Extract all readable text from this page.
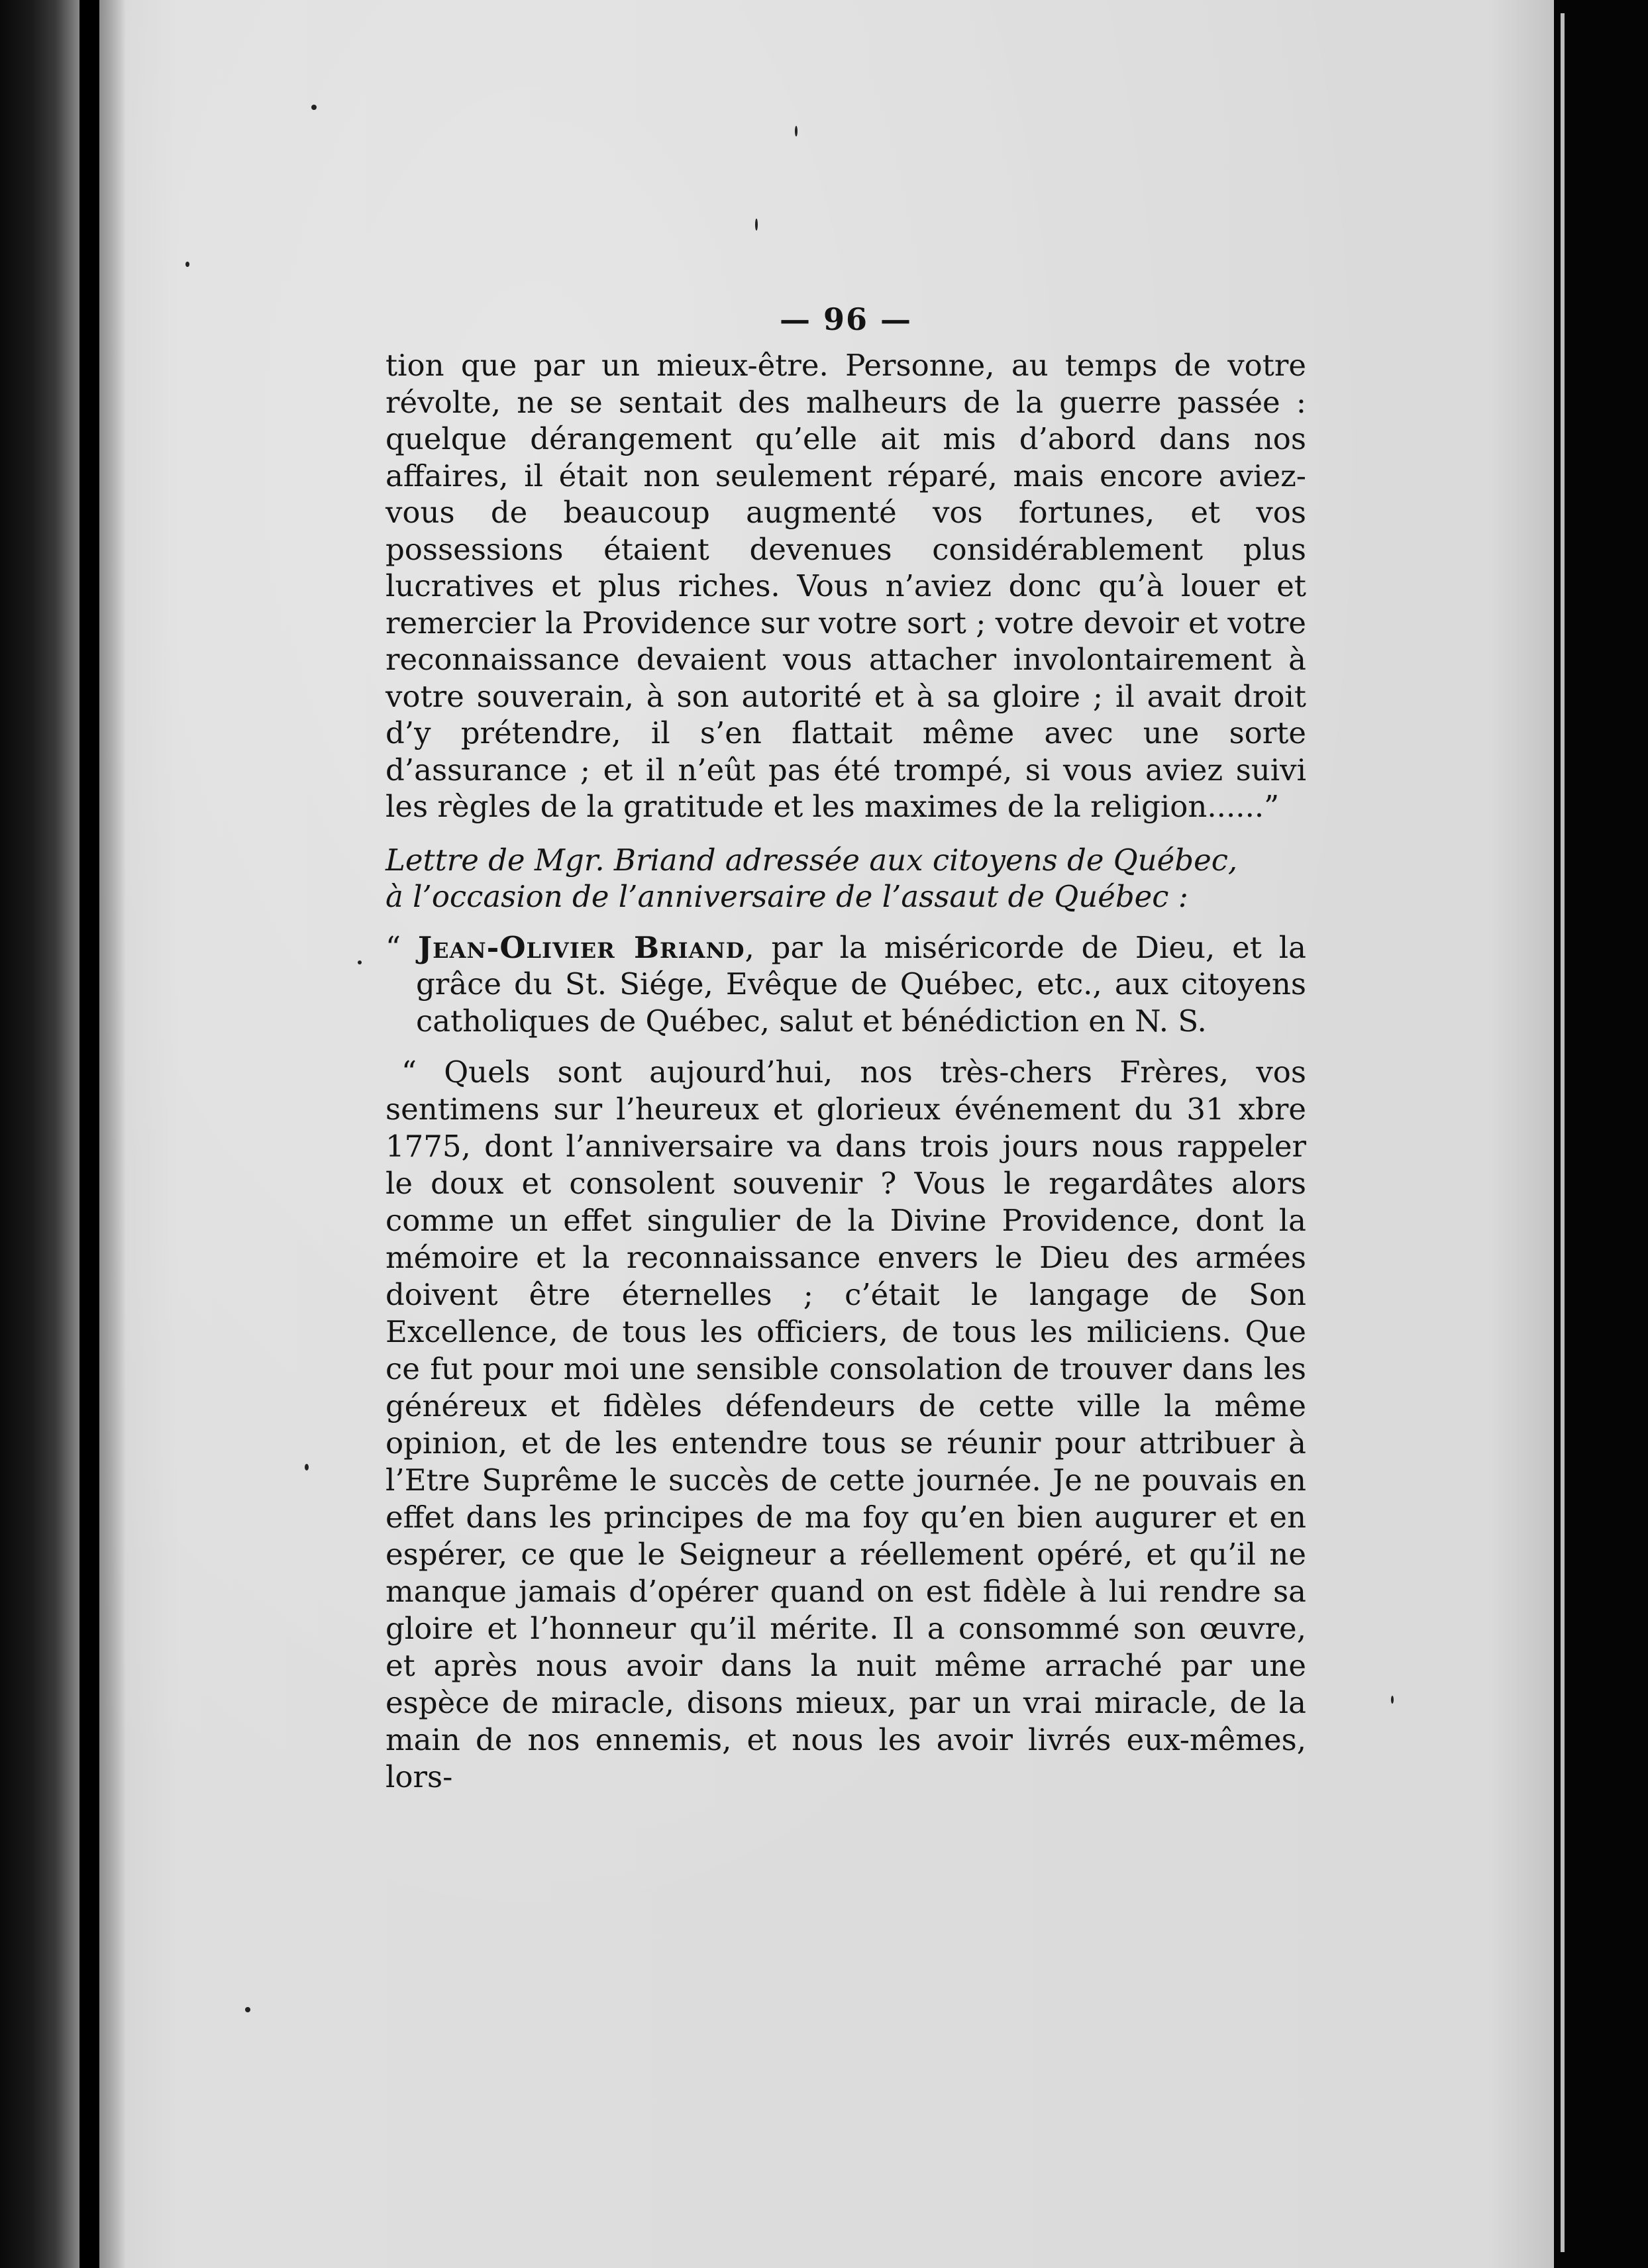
— 96 —

tion que par un mieux-être. Personne, au temps de votre révolte, ne se sentait des malheurs de la guerre passée : quelque dérangement qu’elle ait mis d’abord dans nos affaires, il était non seulement réparé, mais encore aviez-vous de beaucoup augmenté vos fortunes, et vos possessions étaient devenues considérablement plus lucratives et plus riches. Vous n’aviez donc qu’à louer et remercier la Providence sur votre sort ; votre devoir et votre reconnaissance devaient vous attacher involontairement à votre souverain, à son autorité et à sa gloire ; il avait droit d’y prétendre, il s’en flattait même avec une sorte d’assurance ; et il n’eût pas été trompé, si vous aviez suivi les règles de la gratitude et les maximes de la religion......”

Lettre de Mgr. Briand adressée aux citoyens de Québec,
à l’occasion de l’anniversaire de l’assaut de Québec :

“ Jean-Olivier Briand, par la miséricorde de Dieu, et la grâce du St. Siége, Evêque de Québec, etc., aux citoyens catholiques de Québec, salut et bénédiction en N. S.

“ Quels sont aujourd’hui, nos très-chers Frères, vos sentimens sur l’heureux et glorieux événement du 31 xbre 1775, dont l’anniversaire va dans trois jours nous rappeler le doux et consolent souvenir ? Vous le regardâtes alors comme un effet singulier de la Divine Providence, dont la mémoire et la reconnaissance envers le Dieu des armées doivent être éternelles ; c’était le langage de Son Excellence, de tous les officiers, de tous les miliciens. Que ce fut pour moi une sensible consolation de trouver dans les généreux et fidèles défendeurs de cette ville la même opinion, et de les entendre tous se réunir pour attribuer à l’Etre Suprême le succès de cette journée. Je ne pouvais en effet dans les principes de ma foy qu’en bien augurer et en espérer, ce que le Seigneur a réellement opéré, et qu’il ne manque jamais d’opérer quand on est fidèle à lui rendre sa gloire et l’honneur qu’il mérite. Il a consommé son œuvre, et après nous avoir dans la nuit même arraché par une espèce de miracle, disons mieux, par un vrai miracle, de la main de nos ennemis, et nous les avoir livrés eux-mêmes, lors-
